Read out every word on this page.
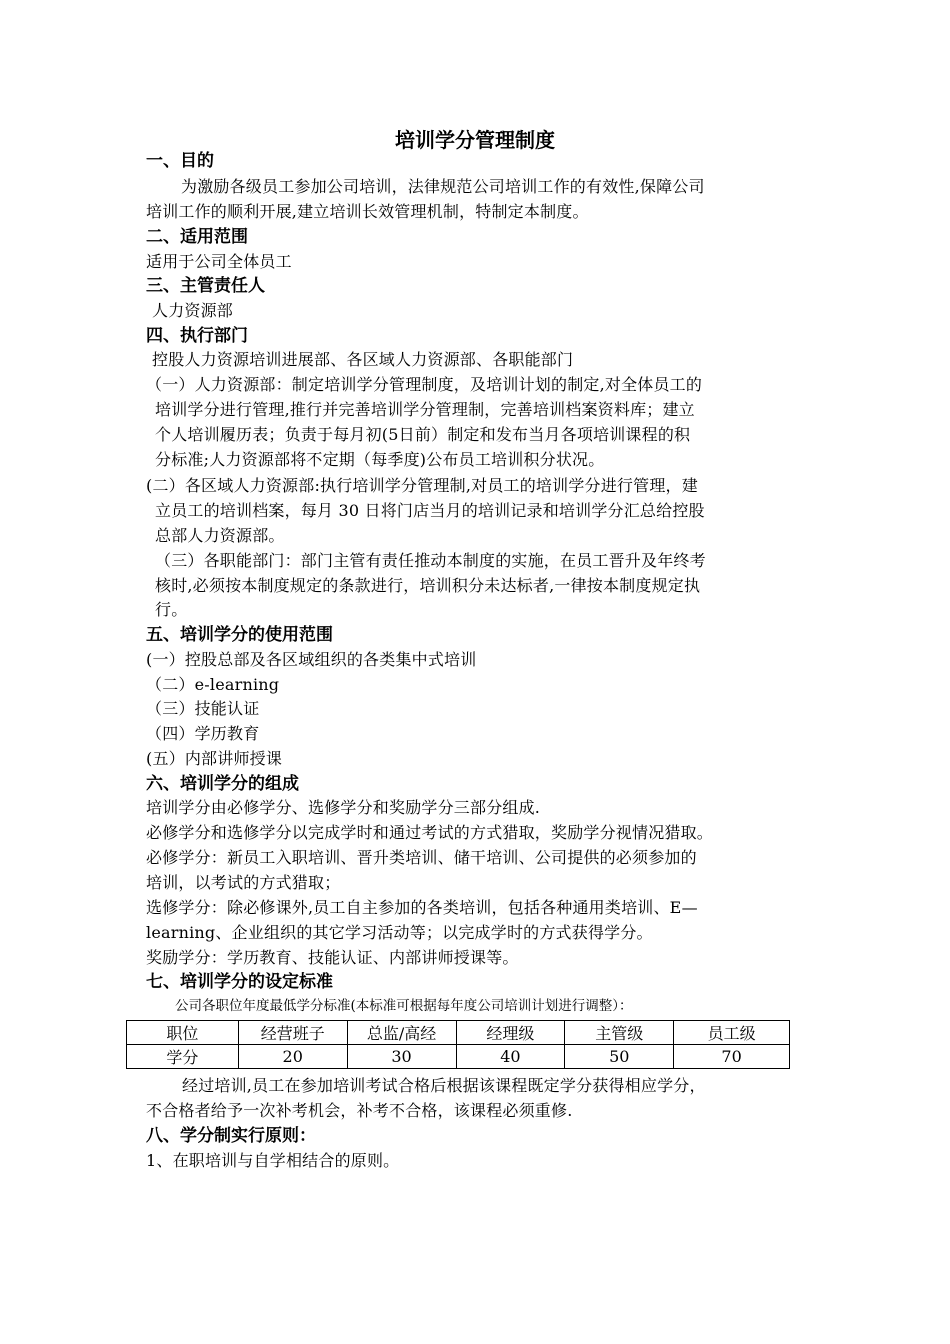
培训学分管理制度
一、目的
为激励各级员工参加公司培训，法律规范公司培训工作的有效性,保障公司
培训工作的顺利开展,建立培训长效管理机制，特制定本制度。
二、适用范围
适用于公司全体员工
三、主管责任人
人力资源部
四、执行部门
控股人力资源培训进展部、各区域人力资源部、各职能部门
（一）人力资源部：制定培训学分管理制度，及培训计划的制定,对全体员工的
培训学分进行管理,推行并完善培训学分管理制，完善培训档案资料库；建立
个人培训履历表；负责于每月初(5日前）制定和发布当月各项培训课程的积
分标准;人力资源部将不定期（每季度)公布员工培训积分状况。
(二）各区域人力资源部:执行培训学分管理制,对员工的培训学分进行管理，建
立员工的培训档案，每月 30 日将门店当月的培训记录和培训学分汇总给控股
总部人力资源部。
（三）各职能部门：部门主管有责任推动本制度的实施，在员工晋升及年终考
核时,必须按本制度规定的条款进行，培训积分未达标者,一律按本制度规定执
行。
五、培训学分的使用范围
(一）控股总部及各区域组织的各类集中式培训
（二）e-learning
（三）技能认证
（四）学历教育
(五）内部讲师授课
六、培训学分的组成
培训学分由必修学分、选修学分和奖励学分三部分组成.
必修学分和选修学分以完成学时和通过考试的方式猎取，奖励学分视情况猎取。
必修学分：新员工入职培训、晋升类培训、储干培训、公司提供的必须参加的
培训，以考试的方式猎取；
选修学分：除必修课外,员工自主参加的各类培训，包括各种通用类培训、E—
learning、企业组织的其它学习活动等；以完成学时的方式获得学分。
奖励学分：学历教育、技能认证、内部讲师授课等。
七、培训学分的设定标准
公司各职位年度最低学分标准(本标准可根据每年度公司培训计划进行调整）：
职位	经营班子	总监/高经	经理级	主管级	员工级
学分	20	30	40	50	70
经过培训,员工在参加培训考试合格后根据该课程既定学分获得相应学分，
不合格者给予一次补考机会，补考不合格，该课程必须重修.
八、学分制实行原则：
1、在职培训与自学相结合的原则。
